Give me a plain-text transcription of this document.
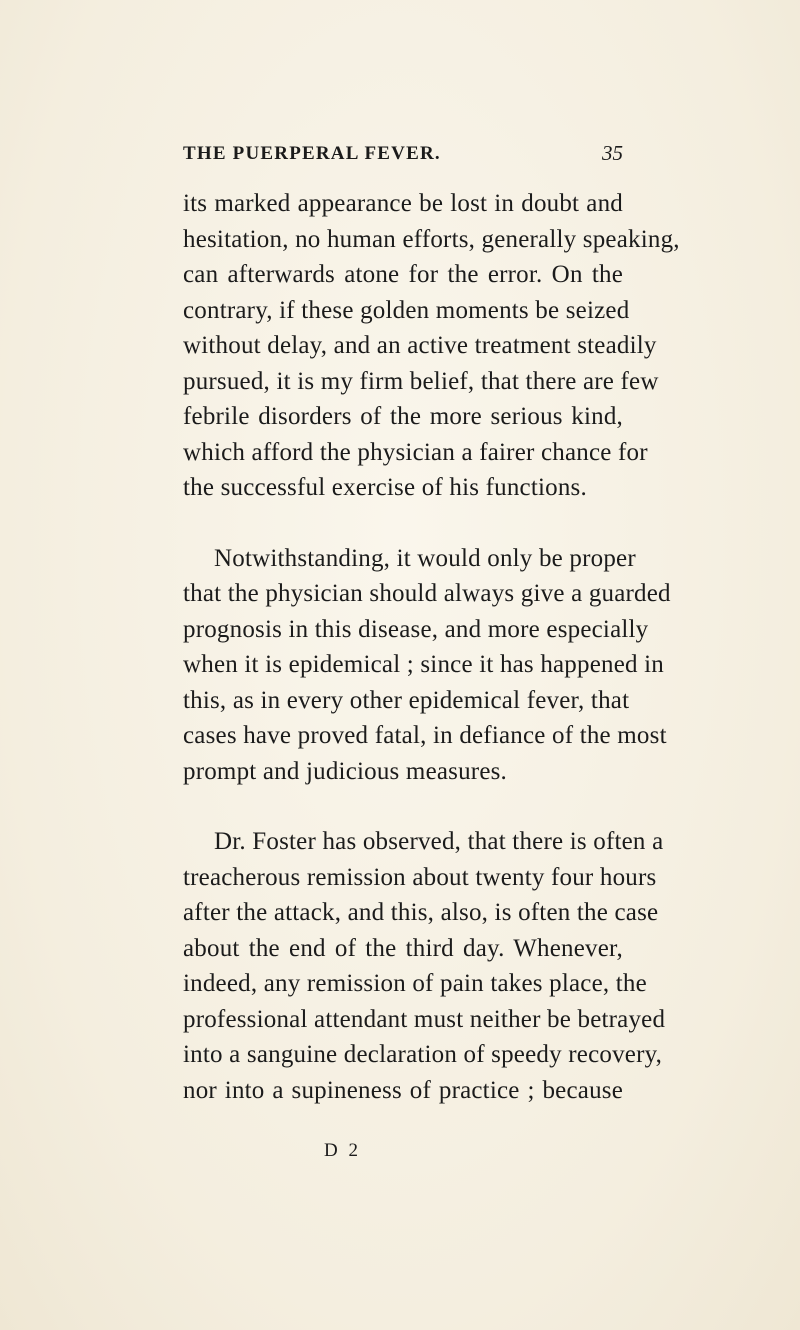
THE PUERPERAL FEVER.	35
its marked appearance be lost in doubt and
hesitation, no human efforts, generally speaking,
can afterwards atone for the error. On the
contrary, if these golden moments be seized
without delay, and an active treatment steadily
pursued, it is my firm belief, that there are few
febrile disorders of the more serious kind,
which afford the physician a fairer chance for
the successful exercise of his functions.
Notwithstanding, it would only be proper
that the physician should always give a guarded
prognosis in this disease, and more especially
when it is epidemical ; since it has happened in
this, as in every other epidemical fever, that
cases have proved fatal, in defiance of the most
prompt and judicious measures.
Dr. Foster has observed, that there is often a
treacherous remission about twenty four hours
after the attack, and this, also, is often the case
about the end of the third day. Whenever,
indeed, any remission of pain takes place, the
professional attendant must neither be betrayed
into a sanguine declaration of speedy recovery,
nor into a supineness of practice ; because
D 2
